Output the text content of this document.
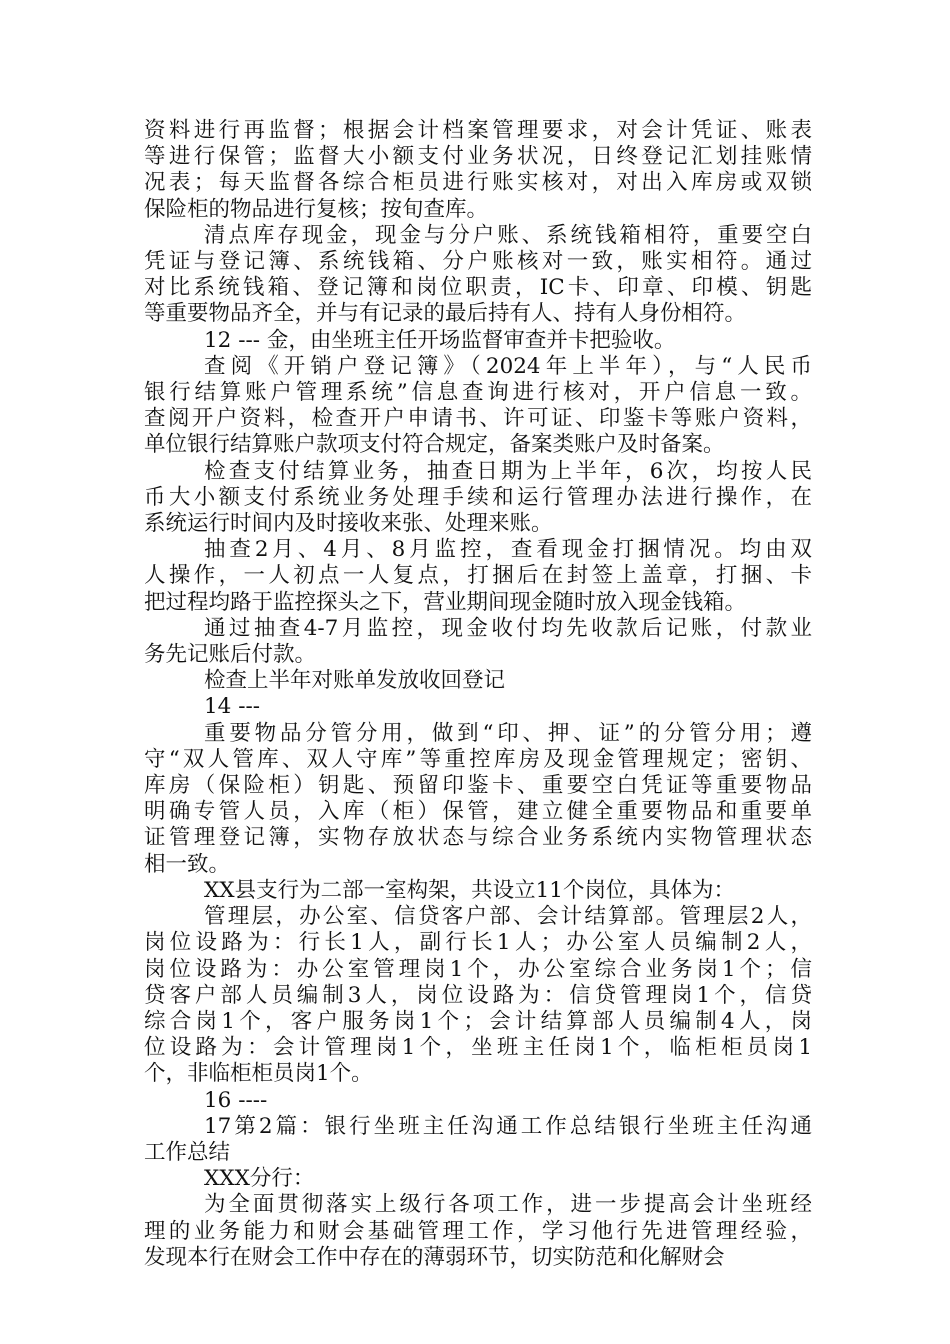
资料进行再监督；根据会计档案管理要求，对会计凭证、账表
等进行保管；监督大小额支付业务状况，日终登记汇划挂账情
况表；每天监督各综合柜员进行账实核对，对出入库房或双锁
保险柜的物品进行复核；按旬查库。
清点库存现金，现金与分户账、系统钱箱相符，重要空白
凭证与登记簿、系统钱箱、分户账核对一致，账实相符。通过
对比系统钱箱、登记簿和岗位职责，IC卡、印章、印模、钥匙
等重要物品齐全，并与有记录的最后持有人、持有人身份相符。
12 --- 金，由坐班主任开场监督审查并卡把验收。
查阅《开销户登记簿》（2024年上半年），与“人民币
银行结算账户管理系统”信息查询进行核对，开户信息一致。
查阅开户资料，检查开户申请书、许可证、印鉴卡等账户资料，
单位银行结算账户款项支付符合规定，备案类账户及时备案。
检查支付结算业务，抽查日期为上半年，6次，均按人民
币大小额支付系统业务处理手续和运行管理办法进行操作，在
系统运行时间内及时接收来张、处理来账。
抽查2月、4月、8月监控，查看现金打捆情况。均由双
人操作，一人初点一人复点，打捆后在封签上盖章，打捆、卡
把过程均路于监控探头之下，营业期间现金随时放入现金钱箱。
通过抽查4-7月监控，现金收付均先收款后记账，付款业
务先记账后付款。
检查上半年对账单发放收回登记
14 ---
重要物品分管分用，做到“印、押、证”的分管分用；遵
守“双人管库、双人守库”等重控库房及现金管理规定；密钥、
库房（保险柜）钥匙、预留印鉴卡、重要空白凭证等重要物品
明确专管人员，入库（柜）保管，建立健全重要物品和重要单
证管理登记簿，实物存放状态与综合业务系统内实物管理状态
相一致。
XX县支行为二部一室构架，共设立11个岗位，具体为：
管理层，办公室、信贷客户部、会计结算部。管理层2人，
岗位设路为：行长1人，副行长1人；办公室人员编制2人，
岗位设路为：办公室管理岗1个，办公室综合业务岗1个；信
贷客户部人员编制3人，岗位设路为：信贷管理岗1个，信贷
综合岗1个，客户服务岗1个；会计结算部人员编制4人，岗
位设路为：会计管理岗1个，坐班主任岗1个，临柜柜员岗1
个，非临柜柜员岗1个。
16 ----
17第2篇：银行坐班主任沟通工作总结银行坐班主任沟通
工作总结
XXX分行：
为全面贯彻落实上级行各项工作，进一步提高会计坐班经
理的业务能力和财会基础管理工作，学习他行先进管理经验，
发现本行在财会工作中存在的薄弱环节，切实防范和化解财会
